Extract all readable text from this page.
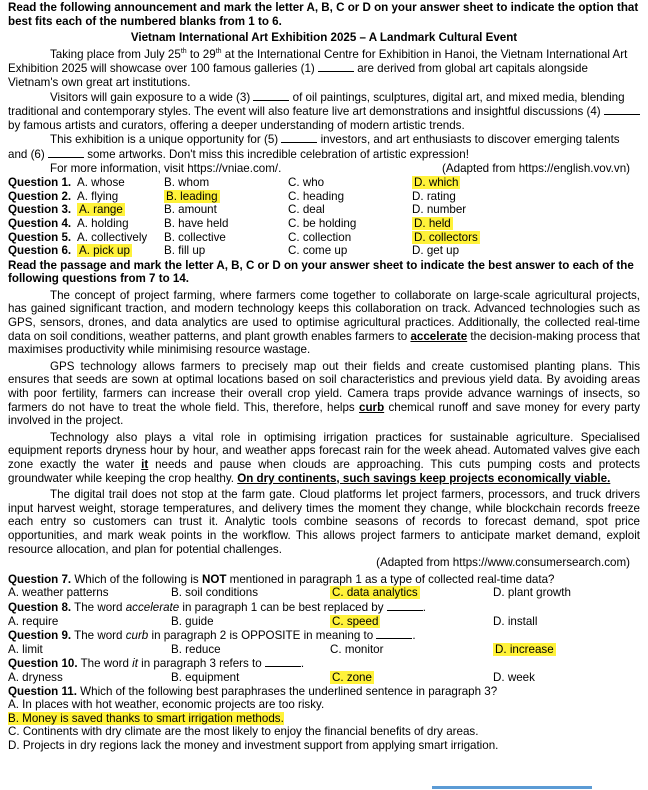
Read the following announcement and mark the letter A, B, C or D on your answer sheet to indicate the option that best fits each of the numbered blanks from 1 to 6.

Vietnam International Art Exhibition 2025 – A Landmark Cultural Event

Taking place from July 25th to 29th at the International Centre for Exhibition in Hanoi, the Vietnam International Art Exhibition 2025 will showcase over 100 famous galleries (1)	are derived from global art capitals alongside Vietnam's own great art institutions.

Visitors will gain exposure to a wide (3)	of oil paintings, sculptures, digital art, and mixed media, blending traditional and contemporary styles. The event will also feature live art demonstrations and insightful discussions (4)  by famous artists and curators, offering a deeper understanding of modern artistic trends.

This exhibition is a unique opportunity for (5)	investors, and art enthusiasts to discover emerging talents and (6)	some artworks. Don't miss this incredible celebration of artistic expression!

For more information, visit https://vniae.com/.	(Adapted from https://english.vov.vn)
Question 1.	A. whose	B. whom	C. who	D. which
Question 2.	A. flying	B. leading	C. heading	D. rating
Question 3.	A. range	B. amount	C. deal	D. number
Question 4.	A. holding	B. have held	C. be holding	D. held
Question 5.	A. collectively	B. collective	C. collection	D. collectors
Question 6.	A. pick up	B. fill up	C. come up	D. get up

Read the passage and mark the letter A, B, C or D on your answer sheet to indicate the best answer to each of the following questions from 7 to 14.

The concept of project farming, where farmers come together to collaborate on large-scale agricultural projects, has gained significant traction, and modern technology keeps this collaboration on track. Advanced technologies such as GPS, sensors, drones, and data analytics are used to optimise agricultural practices. Additionally, the collected real-time data on soil conditions, weather patterns, and plant growth enables farmers to accelerate the decision-making process that maximises productivity while minimising resource wastage.

GPS technology allows farmers to precisely map out their fields and create customised planting plans. This ensures that seeds are sown at optimal locations based on soil characteristics and previous yield data. By avoiding areas with poor fertility, farmers can increase their overall crop yield. Camera traps provide advance warnings of insects, so farmers do not have to treat the whole field. This, therefore, helps curb chemical runoff and save money for every party involved in the project.

Technology also plays a vital role in optimising irrigation practices for sustainable agriculture. Specialised equipment reports dryness hour by hour, and weather apps forecast rain for the week ahead. Automated valves give each zone exactly the water it needs and pause when clouds are approaching. This cuts pumping costs and protects groundwater while keeping the crop healthy. On dry continents, such savings keep projects economically viable.

The digital trail does not stop at the farm gate. Cloud platforms let project farmers, processors, and truck drivers input harvest weight, storage temperatures, and delivery times the moment they change, while blockchain records freeze each entry so customers can trust it. Analytic tools combine seasons of records to forecast demand, spot price opportunities, and mark weak points in the workflow. This allows project farmers to anticipate market demand, exploit resource allocation, and plan for potential challenges.

(Adapted from https://www.consumersearch.com)

Question 7. Which of the following is NOT mentioned in paragraph 1 as a type of collected real-time data?

A. weather patterns	B. soil conditions	C. data analytics	D. plant growth

Question 8. The word accelerate in paragraph 1 can be best replaced by	.

A. require	B. guide	C. speed	D. install

Question 9. The word curb in paragraph 2 is OPPOSITE in meaning to	.

A. limit	B. reduce	C. monitor	D. increase

Question 10. The word it in paragraph 3 refers to	.

A. dryness	B. equipment	C. zone	D. week

Question 11. Which of the following best paraphrases the underlined sentence in paragraph 3?

A. In places with hot weather, economic projects are too risky.

B. Money is saved thanks to smart irrigation methods.

C. Continents with dry climate are the most likely to enjoy the financial benefits of dry areas.

D. Projects in dry regions lack the money and investment support from applying smart irrigation.
